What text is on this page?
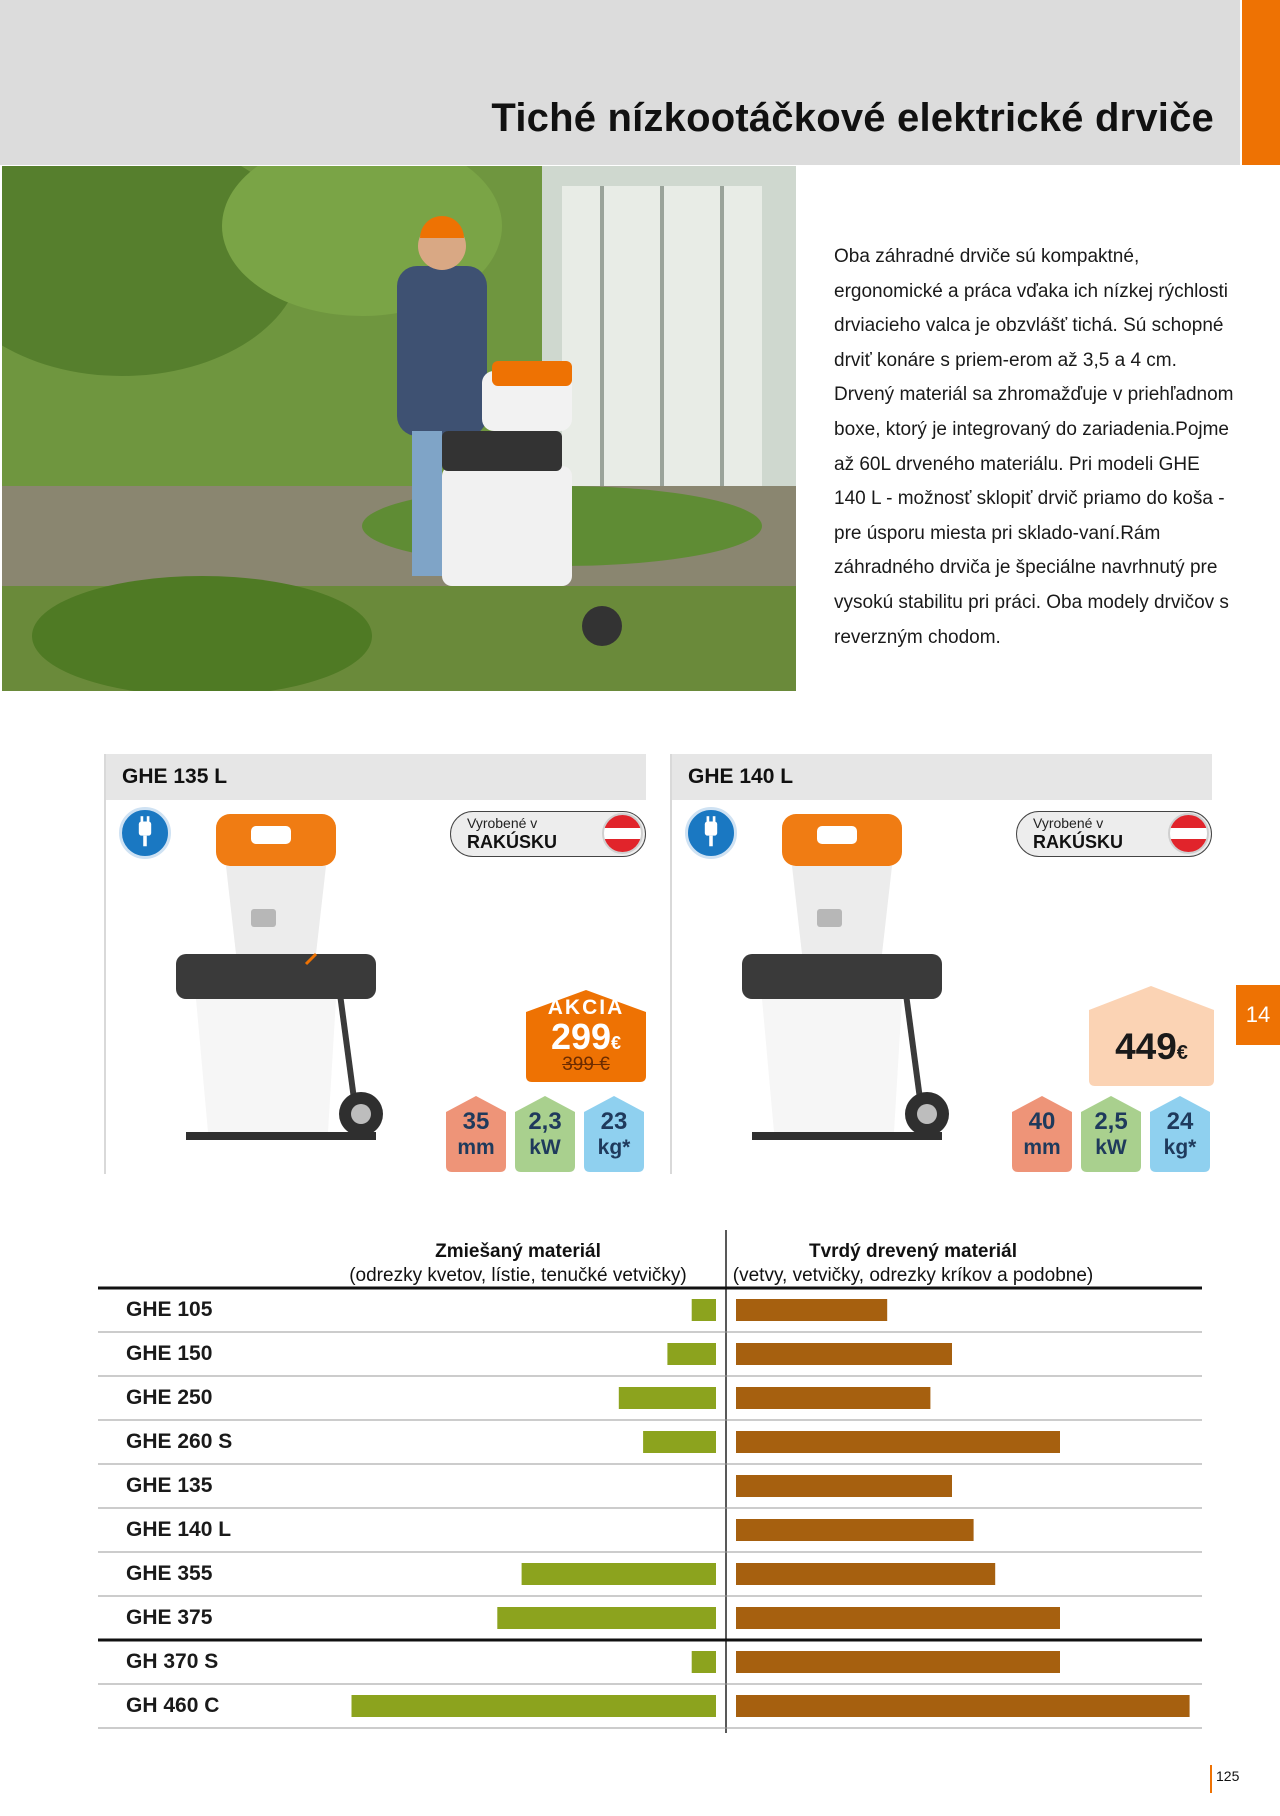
Tiché nízkootáčkové elektrické drviče

Oba záhradné drviče sú kompaktné, ergonomické a práca vďaka ich nízkej rýchlosti drviacieho valca je obzvlášť tichá. Sú schopné drviť konáre s priem-erom až 3,5 a 4 cm. Drvený materiál sa zhromažďuje v priehľadnom boxe, ktorý je integrovaný do zariadenia.Pojme až 60L drveného materiálu. Pri modeli GHE 140 L - možnosť sklopiť drvič priamo do koša - pre úsporu miesta pri sklado-vaní.Rám záhradného drviča je špeciálne navrhnutý pre vysokú stabilitu pri práci. Oba modely drvičov s reverzným chodom.

GHE 135 L
Vyrobené v
RAKÚSKU
AKCIA
299€
399 €
35
mm
2,3
kW
23
kg*
GHE 140 L
Vyrobené v
RAKÚSKU
449€
40
mm
2,5
kW
24
kg*
14
Zmiešaný materiál
(odrezky kvetov, lístie, tenučké vetvičky)
Tvrdý drevený materiál
(vetvy, vetvičky, odrezky kríkov a podobne)
GHE 105
GHE 150
GHE 250
GHE 260 S
GHE 135
GHE 140 L
GHE 355
GHE 375
GH 370 S
GH 460 C
125
